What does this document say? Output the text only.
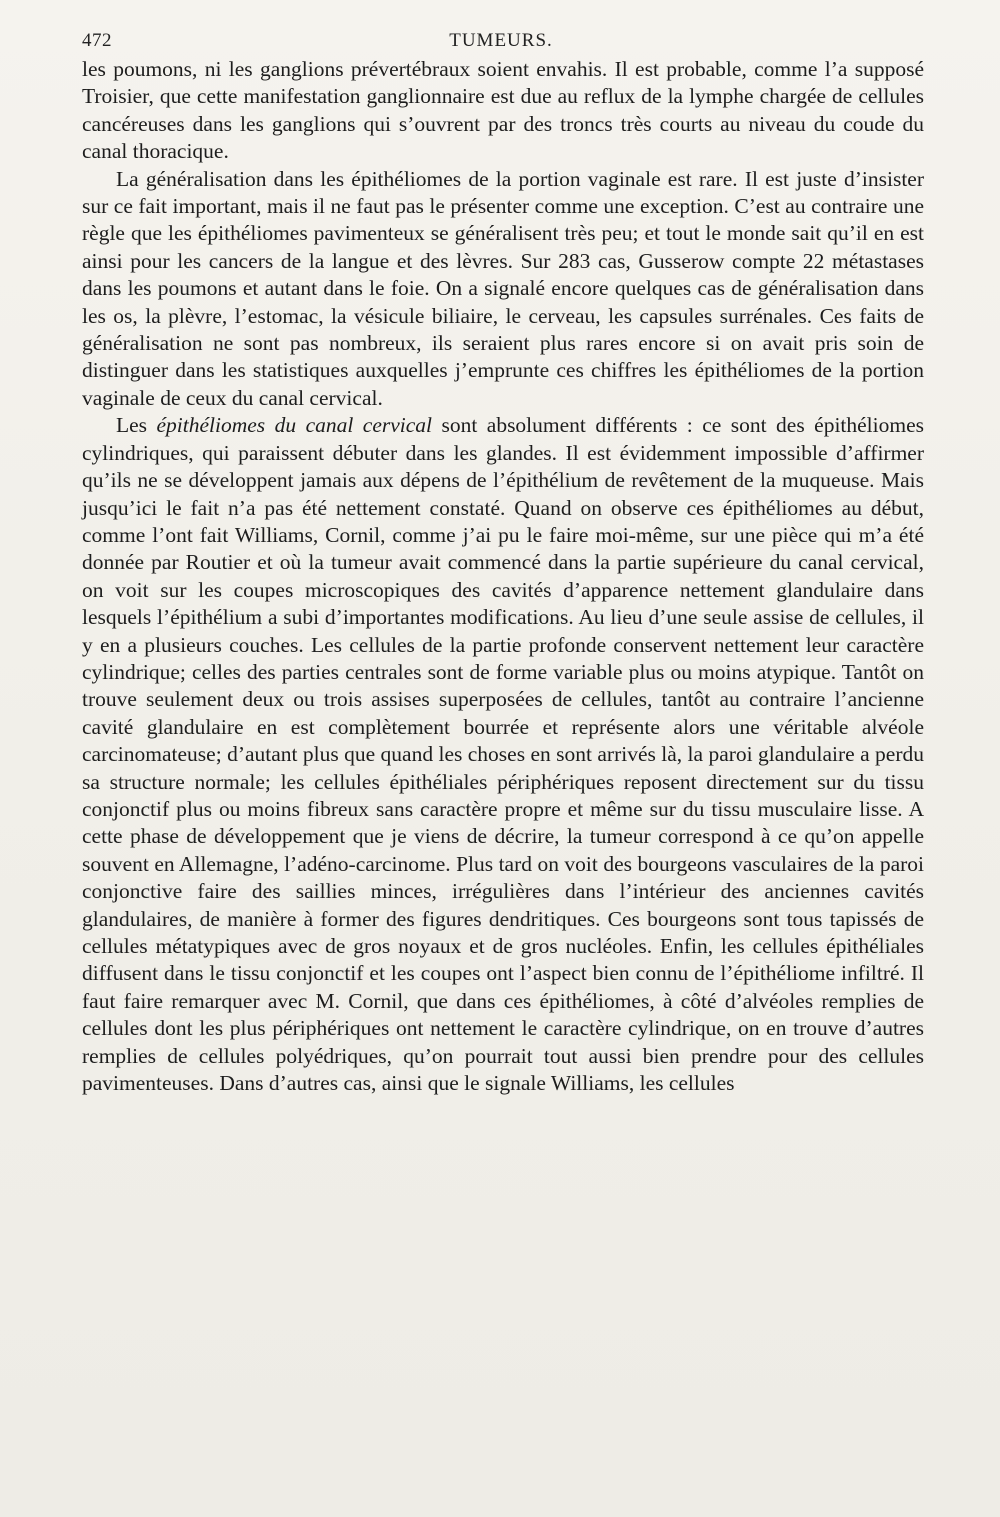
472	TUMEURS.

les poumons, ni les ganglions prévertébraux soient envahis. Il est probable, comme l’a supposé Troisier, que cette manifestation ganglionnaire est due au reflux de la lymphe chargée de cellules cancéreuses dans les ganglions qui s’ouvrent par des troncs très courts au niveau du coude du canal thoracique.

La généralisation dans les épithéliomes de la portion vaginale est rare. Il est juste d’insister sur ce fait important, mais il ne faut pas le présenter comme une exception. C’est au contraire une règle que les épithéliomes pavimenteux se généralisent très peu; et tout le monde sait qu’il en est ainsi pour les cancers de la langue et des lèvres. Sur 283 cas, Gusserow compte 22 métastases dans les poumons et autant dans le foie. On a signalé encore quelques cas de généralisation dans les os, la plèvre, l’estomac, la vésicule biliaire, le cerveau, les capsules surrénales. Ces faits de généralisation ne sont pas nombreux, ils seraient plus rares encore si on avait pris soin de distinguer dans les statistiques auxquelles j’emprunte ces chiffres les épithéliomes de la portion vaginale de ceux du canal cervical.

Les épithéliomes du canal cervical sont absolument différents : ce sont des épithéliomes cylindriques, qui paraissent débuter dans les glandes. Il est évidemment impossible d’affirmer qu’ils ne se développent jamais aux dépens de l’épithélium de revêtement de la muqueuse. Mais jusqu’ici le fait n’a pas été nettement constaté. Quand on observe ces épithéliomes au début, comme l’ont fait Williams, Cornil, comme j’ai pu le faire moi-même, sur une pièce qui m’a été donnée par Routier et où la tumeur avait commencé dans la partie supérieure du canal cervical, on voit sur les coupes microscopiques des cavités d’apparence nettement glandulaire dans lesquels l’épithélium a subi d’importantes modifications. Au lieu d’une seule assise de cellules, il y en a plusieurs couches. Les cellules de la partie profonde conservent nettement leur caractère cylindrique; celles des parties centrales sont de forme variable plus ou moins atypique. Tantôt on trouve seulement deux ou trois assises superposées de cellules, tantôt au contraire l’ancienne cavité glandulaire en est complètement bourrée et représente alors une véritable alvéole carcinomateuse; d’autant plus que quand les choses en sont arrivés là, la paroi glandulaire a perdu sa structure normale; les cellules épithéliales périphériques reposent directement sur du tissu conjonctif plus ou moins fibreux sans caractère propre et même sur du tissu musculaire lisse. A cette phase de développement que je viens de décrire, la tumeur correspond à ce qu’on appelle souvent en Allemagne, l’adéno-carcinome. Plus tard on voit des bourgeons vasculaires de la paroi conjonctive faire des saillies minces, irrégulières dans l’intérieur des anciennes cavités glandulaires, de manière à former des figures dendritiques. Ces bourgeons sont tous tapissés de cellules métatypiques avec de gros noyaux et de gros nucléoles. Enfin, les cellules épithéliales diffusent dans le tissu conjonctif et les coupes ont l’aspect bien connu de l’épithéliome infiltré. Il faut faire remarquer avec M. Cornil, que dans ces épithéliomes, à côté d’alvéoles remplies de cellules dont les plus périphériques ont nettement le caractère cylindrique, on en trouve d’autres remplies de cellules polyédriques, qu’on pourrait tout aussi bien prendre pour des cellules pavimenteuses. Dans d’autres cas, ainsi que le signale Williams, les cellules
